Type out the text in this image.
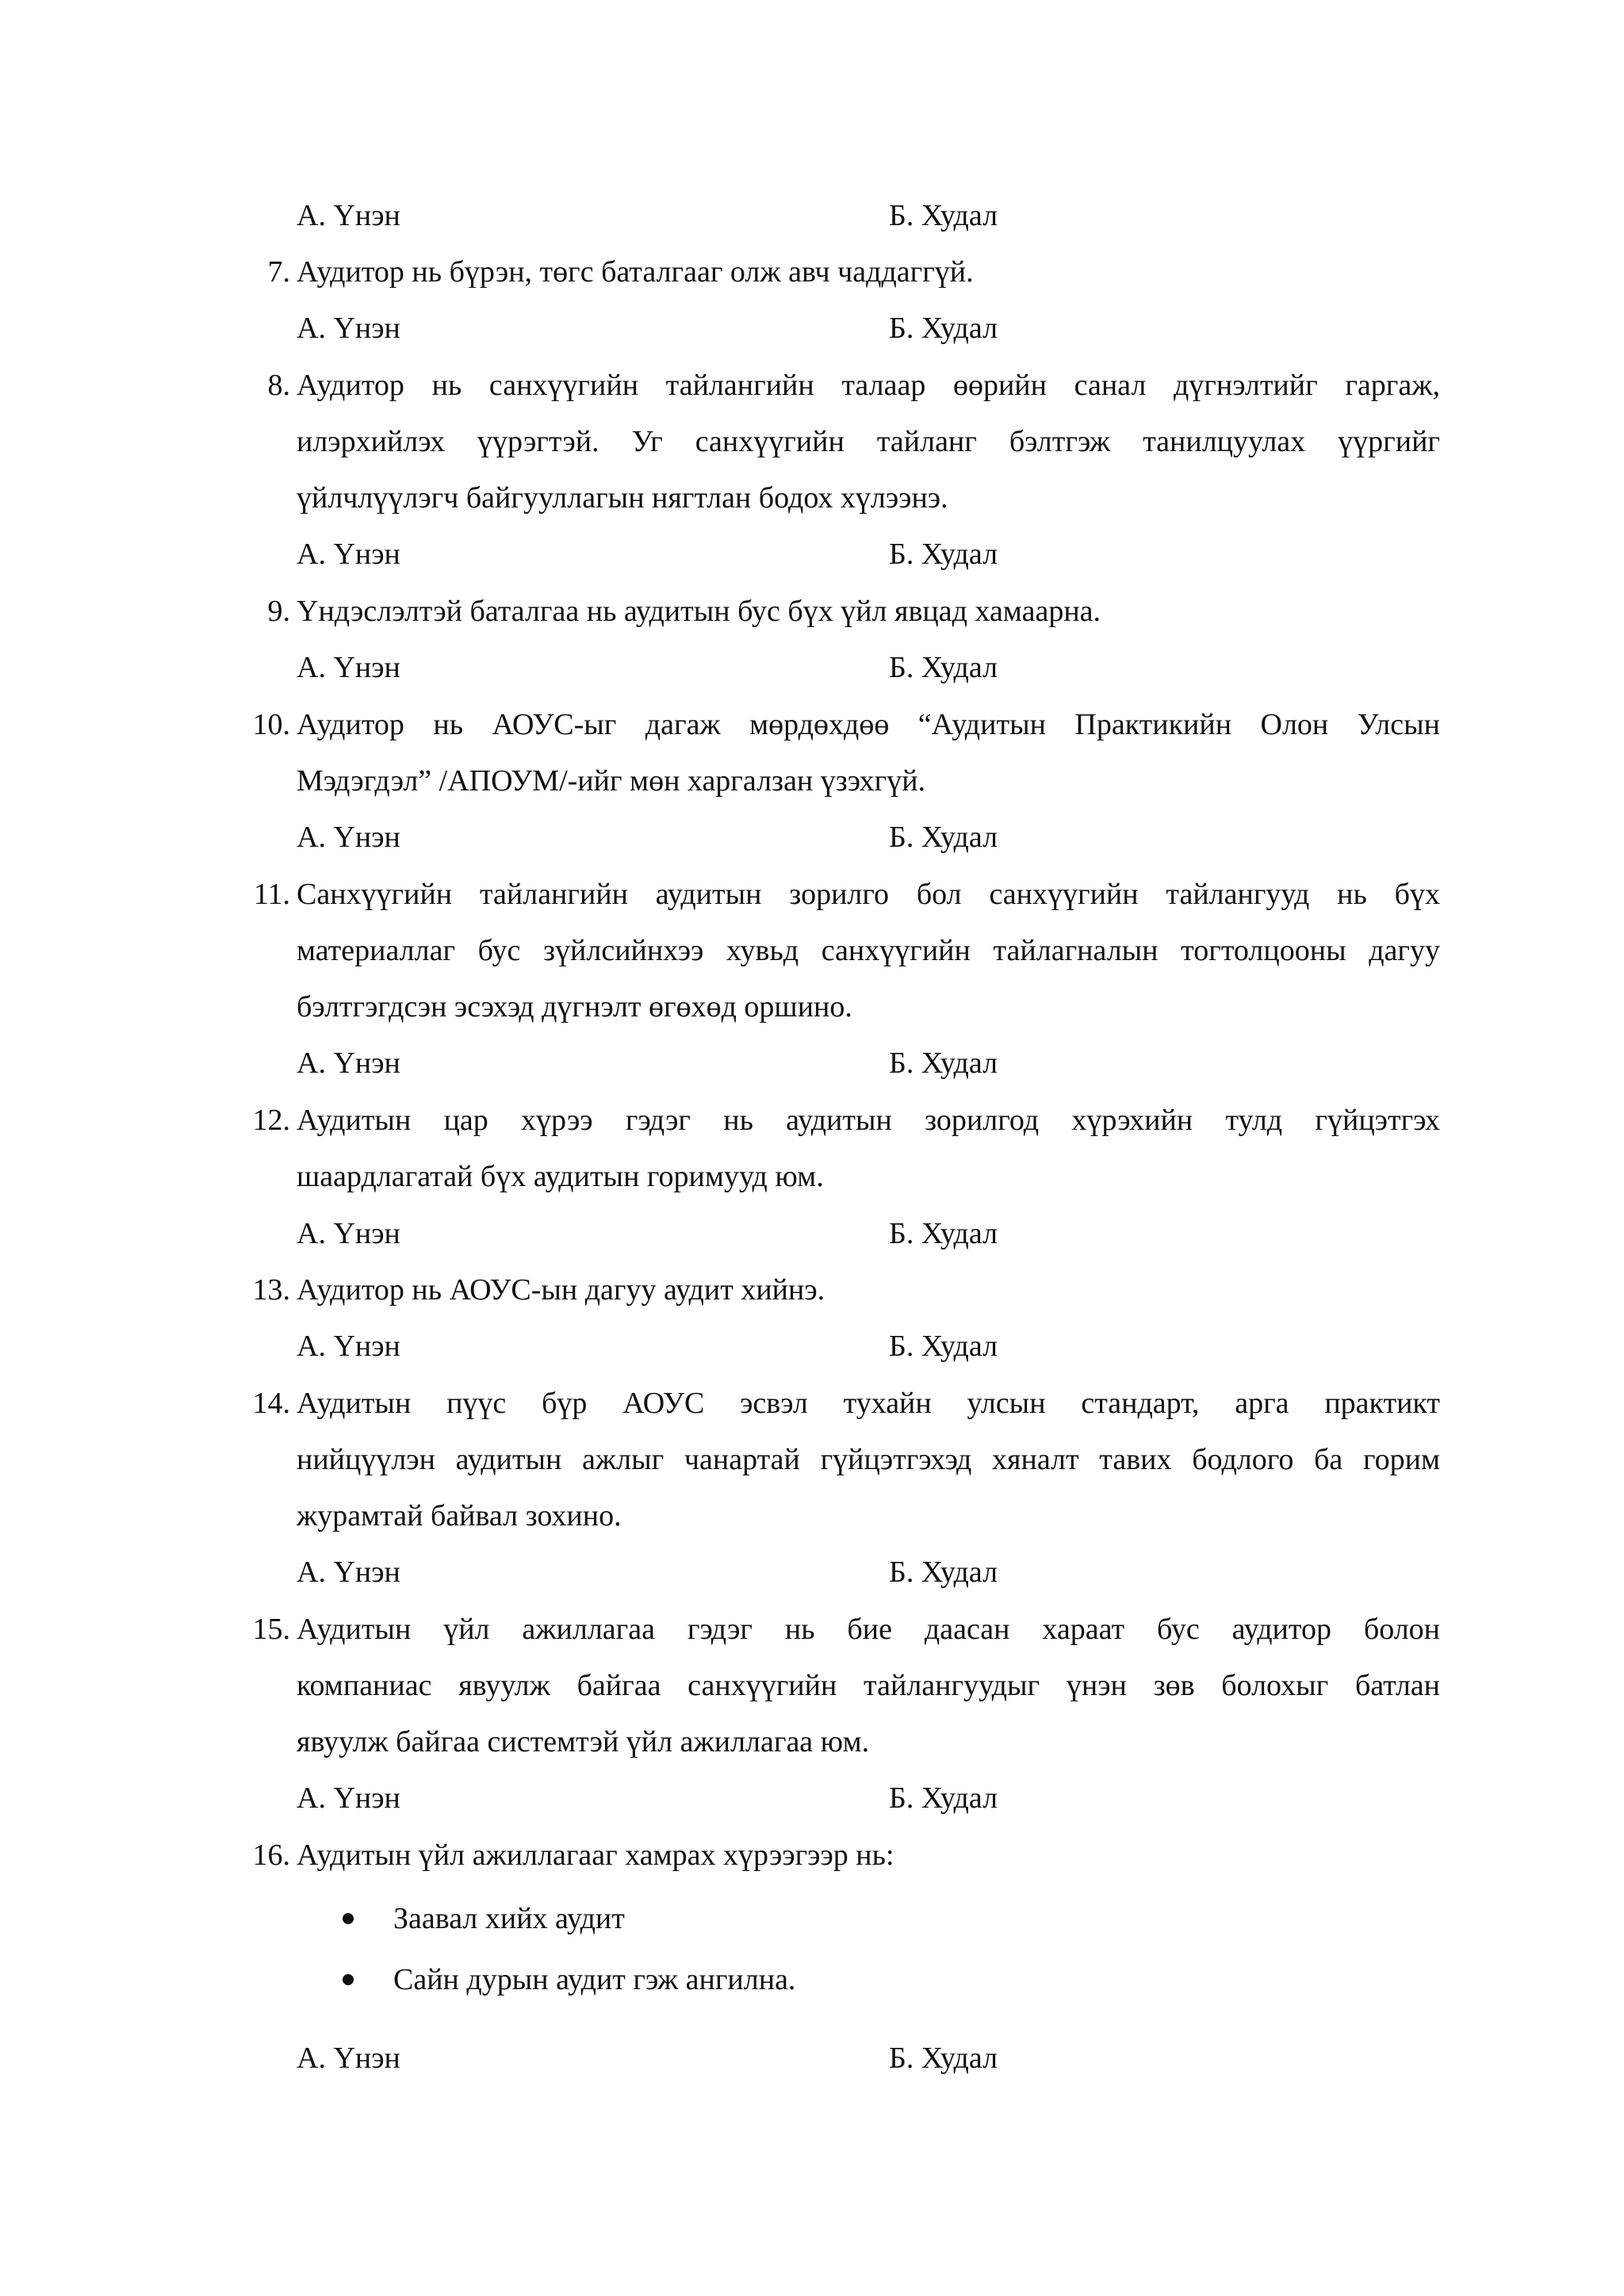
А. Үнэн	Б. Худал
7. Аудитор нь бүрэн, төгс баталгааг олж авч чаддаггүй.
А. Үнэн	Б. Худал
8. Аудитор нь санхүүгийн тайлангийн талаар өөрийн санал дүгнэлтийг гаргаж,
илэрхийлэх үүрэгтэй. Уг санхүүгийн тайланг бэлтгэж танилцуулах үүргийг
үйлчлүүлэгч байгууллагын нягтлан бодох хүлээнэ.
А. Үнэн	Б. Худал
9. Үндэслэлтэй баталгаа нь аудитын бус бүх үйл явцад хамаарна.
А. Үнэн	Б. Худал
10. Аудитор нь АОУС-ыг дагаж мөрдөхдөө “Аудитын Практикийн Олон Улсын
Мэдэгдэл” /АПОУМ/-ийг мөн харгалзан үзэхгүй.
А. Үнэн	Б. Худал
11. Санхүүгийн тайлангийн аудитын зорилго бол санхүүгийн тайлангууд нь бүх
материаллаг бус зүйлсийнхээ хувьд санхүүгийн тайлагналын тогтолцооны дагуу
бэлтгэгдсэн эсэхэд дүгнэлт өгөхөд оршино.
А. Үнэн	Б. Худал
12. Аудитын цар хүрээ гэдэг нь аудитын зорилгод хүрэхийн тулд гүйцэтгэх
шаардлагатай бүх аудитын горимууд юм.
А. Үнэн	Б. Худал
13. Аудитор нь АОУС-ын дагуу аудит хийнэ.
А. Үнэн	Б. Худал
14. Аудитын пүүс бүр АОУС эсвэл тухайн улсын стандарт, арга практикт
нийцүүлэн аудитын ажлыг чанартай гүйцэтгэхэд хяналт тавих бодлого ба горим
журамтай байвал зохино.
А. Үнэн	Б. Худал
15. Аудитын үйл ажиллагаа гэдэг нь бие даасан хараат бус аудитор болон
компаниас явуулж байгаа санхүүгийн тайлангуудыг үнэн зөв болохыг батлан
явуулж байгаа системтэй үйл ажиллагаа юм.
А. Үнэн	Б. Худал
16. Аудитын үйл ажиллагааг хамрах хүрээгээр нь:
Заавал хийх аудит
Сайн дурын аудит гэж ангилна.
А. Үнэн	Б. Худал
